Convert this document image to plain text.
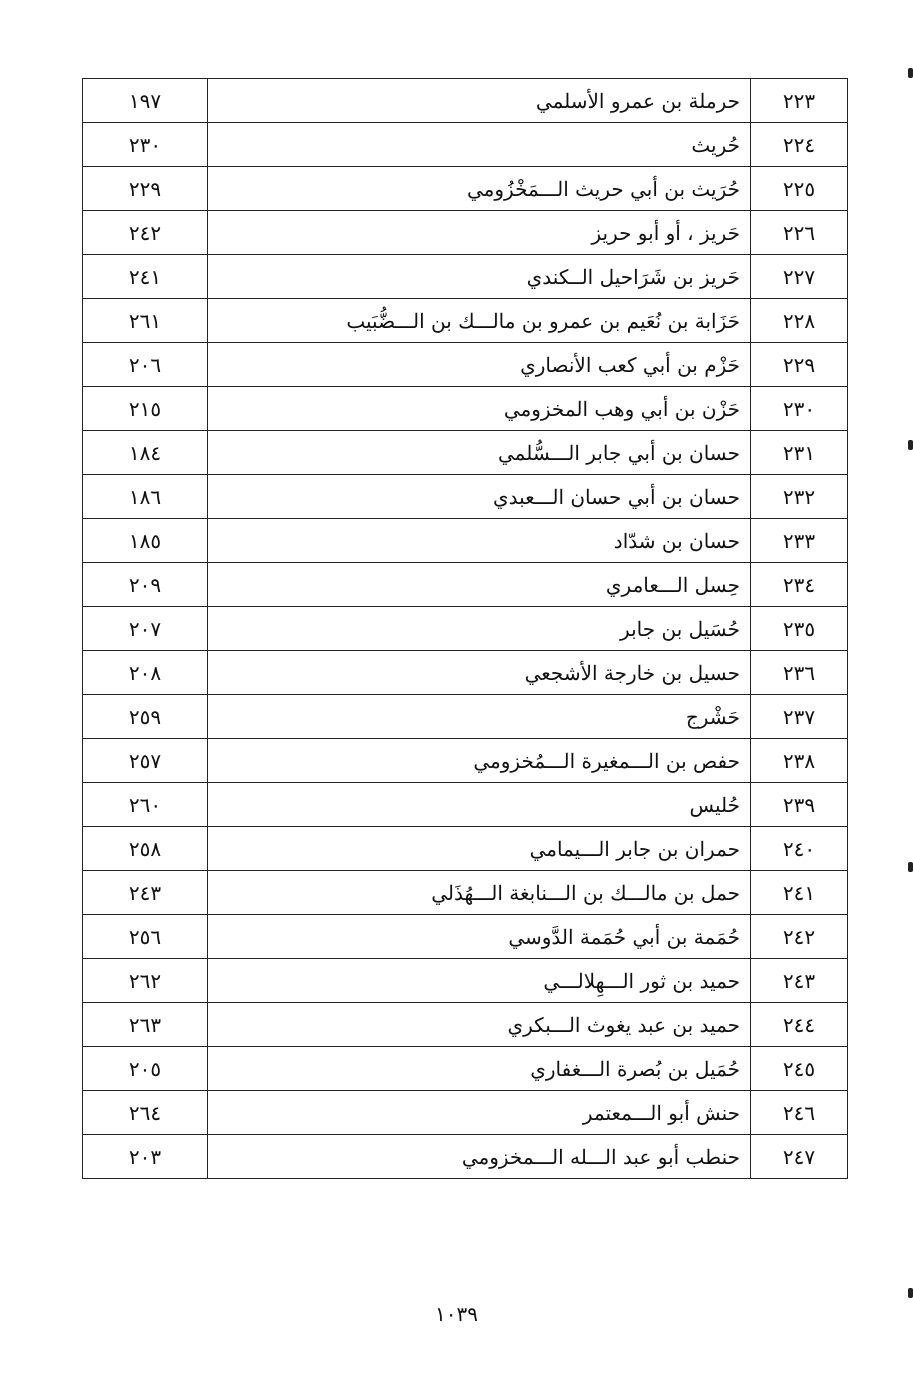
٢٢٣	حرملة بن عمرو الأسلمي	١٩٧
٢٢٤	حُريث	٢٣٠
٢٢٥	حُرَيث بن أبي حريث الـــمَخْزُومي	٢٢٩
٢٢٦	حَريز ، أو أبو حريز	٢٤٢
٢٢٧	حَريز بن شَرَاحيل الــكندي	٢٤١
٢٢٨	حَزَابة بن نُعَيم بن عمرو بن مالـــك بن الـــضُّبَيب	٢٦١
٢٢٩	حَزْم بن أبي كعب الأنصاري	٢٠٦
٢٣٠	حَزْن بن أبي وهب المخزومي	٢١٥
٢٣١	حسان بن أبي جابر الـــسُّلمي	١٨٤
٢٣٢	حسان بن أبي حسان الـــعبدي	١٨٦
٢٣٣	حسان بن شدّاد	١٨٥
٢٣٤	حِسل الـــعامري	٢٠٩
٢٣٥	حُسَيل بن جابر	٢٠٧
٢٣٦	حسيل بن خارجة الأشجعي	٢٠٨
٢٣٧	حَشْرج	٢٥٩
٢٣٨	حفص بن الـــمغيرة الـــمُخزومي	٢٥٧
٢٣٩	حُليس	٢٦٠
٢٤٠	حمران بن جابر الـــيمامي	٢٥٨
٢٤١	حمل بن مالـــك بن الـــنابغة الـــهُذَلي	٢٤٣
٢٤٢	حُمَمة بن أبي حُمَمة الدَّوسي	٢٥٦
٢٤٣	حميد بن ثور الـــهِلالـــي	٢٦٢
٢٤٤	حميد بن عبد يغوث الـــبكري	٢٦٣
٢٤٥	حُمَيل بن بُصرة الـــغفاري	٢٠٥
٢٤٦	حنش أبو الـــمعتمر	٢٦٤
٢٤٧	حنطب أبو عبد الـــله الـــمخزومي	٢٠٣
١٠٣٩
